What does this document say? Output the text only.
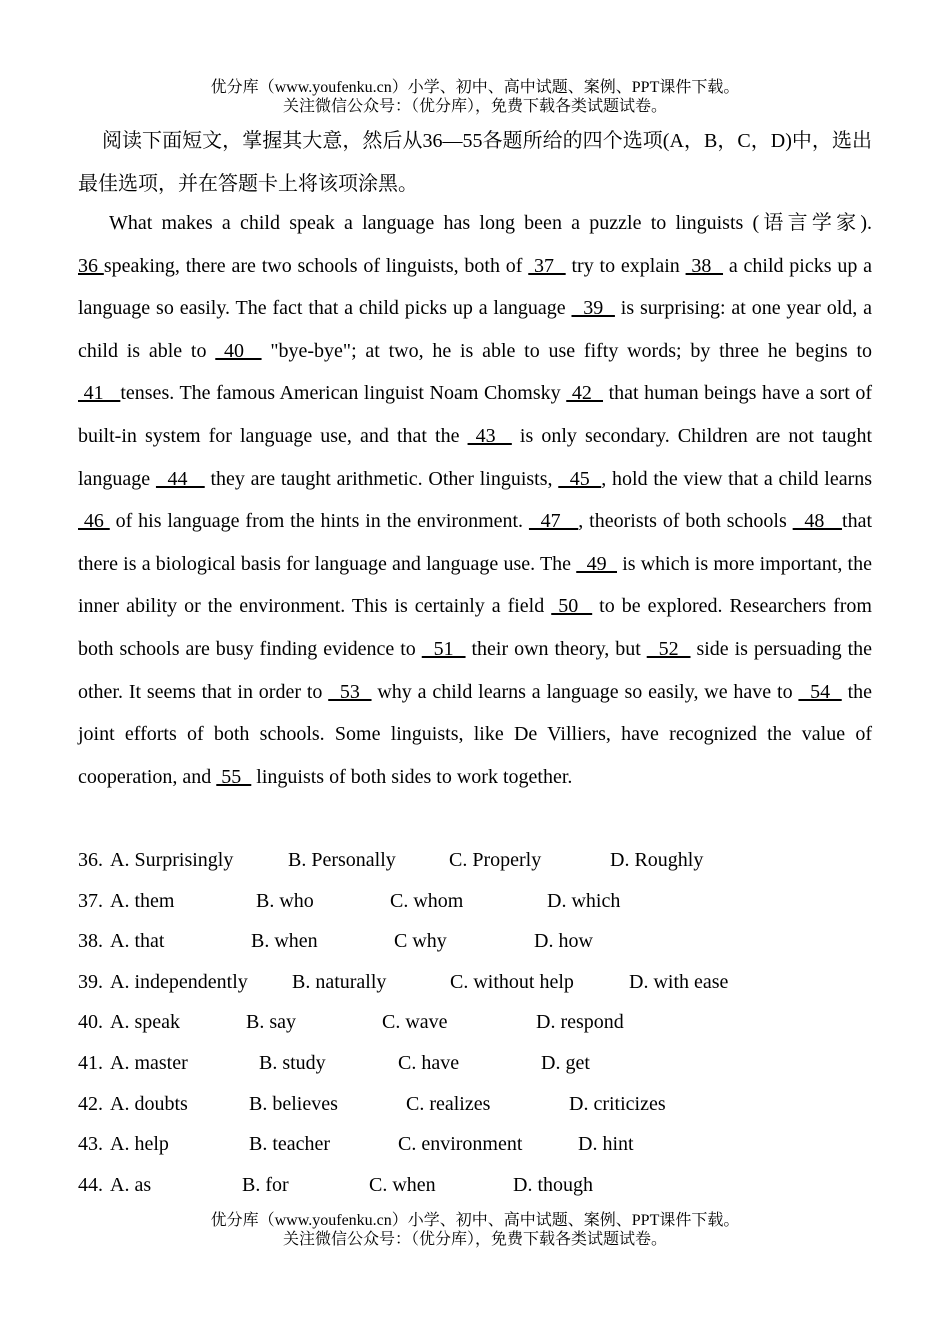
优分库（www.youfenku.cn）小学、初中、高中试题、案例、PPT课件下载。
关注微信公众号：（优分库），免费下载各类试题试卷。

阅读下面短文，掌握其大意，然后从36—55各题所给的四个选项(A，B，C，D)中，选出最佳选项，并在答题卡上将该项涂黑。

What makes a child speak a language has long been a puzzle to linguists (语言学家). 36 speaking, there are two schools of linguists, both of  37   try to explain  38   a child picks up a language so easily. The fact that a child picks up a language   39   is surprising: at one year old, a child is able to  40   "bye-bye"; at two, he is able to use fifty words; by three he begins to  41   tenses. The famous American linguist Noam Chomsky  42   that human beings have a sort of built-in system for language use, and that the  43   is only secondary. Children are not taught language   44    they are taught arithmetic. Other linguists,   45  , hold the view that a child learns  46  of his language from the hints in the environment.   47   , theorists of both schools   48   that there is a biological basis for language and language use. The   49   is which is more important, the inner ability or the environment. This is certainly a field  50   to be explored. Researchers from both schools are busy finding evidence to   51   their own theory, but   52   side is persuading the other. It seems that in order to   53   why a child learns a language so easily, we have to   54   the joint efforts of both schools. Some linguists, like De Villiers, have recognized the value of cooperation, and  55   linguists of both sides to work together.

36. A. Surprisingly	B. Personally	C. Properly	D. Roughly
37. A. them	B. who	C. whom	D. which
38. A. that	B. when	C why	D. how
39. A. independently B. naturally	C. without help	D. with ease
40. A. speak	B. say	C. wave	D. respond
41. A. master	B. study	C. have	D. get
42. A. doubts	B. believes	C. realizes	D. criticizes
43. A. help	B. teacher	C. environment	D. hint
44. A. as	B. for	C. when	D. though
优分库（www.youfenku.cn）小学、初中、高中试题、案例、PPT课件下载。
关注微信公众号：（优分库），免费下载各类试题试卷。
